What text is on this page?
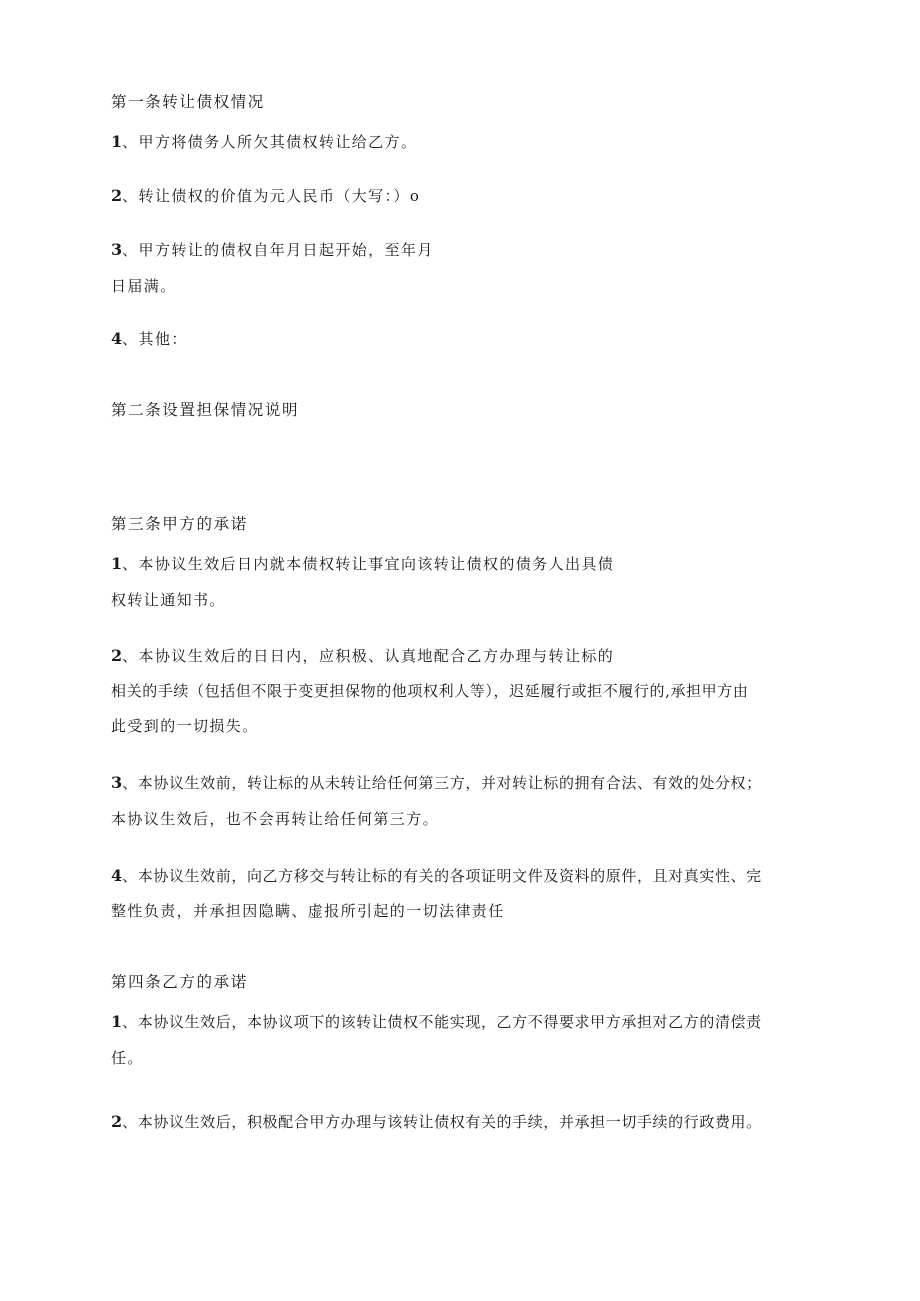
第一条转让债权情况

1、甲方将债务人所欠其债权转让给乙方。

2、转让债权的价值为元人民币（大写：）o

3、甲方转让的债权自年月日起开始，至年月

日届满。

4、其他：

第二条设置担保情况说明

第三条甲方的承诺

1、本协议生效后日内就本债权转让事宜向该转让债权的债务人出具债

权转让通知书。

2、本协议生效后的日日内，应积极、认真地配合乙方办理与转让标的

相关的手续（包括但不限于变更担保物的他项权利人等），迟延履行或拒不履行的,承担甲方由

此受到的一切损失。

3、本协议生效前，转让标的从未转让给任何第三方，并对转让标的拥有合法、有效的处分权；

本协议生效后，也不会再转让给任何第三方。

4、本协议生效前，向乙方移交与转让标的有关的各项证明文件及资料的原件，且对真实性、完

整性负责，并承担因隐瞒、虚报所引起的一切法律责任

第四条乙方的承诺

1、本协议生效后，本协议项下的该转让债权不能实现，乙方不得要求甲方承担对乙方的清偿责

任。

2、本协议生效后，积极配合甲方办理与该转让债权有关的手续，并承担一切手续的行政费用。
